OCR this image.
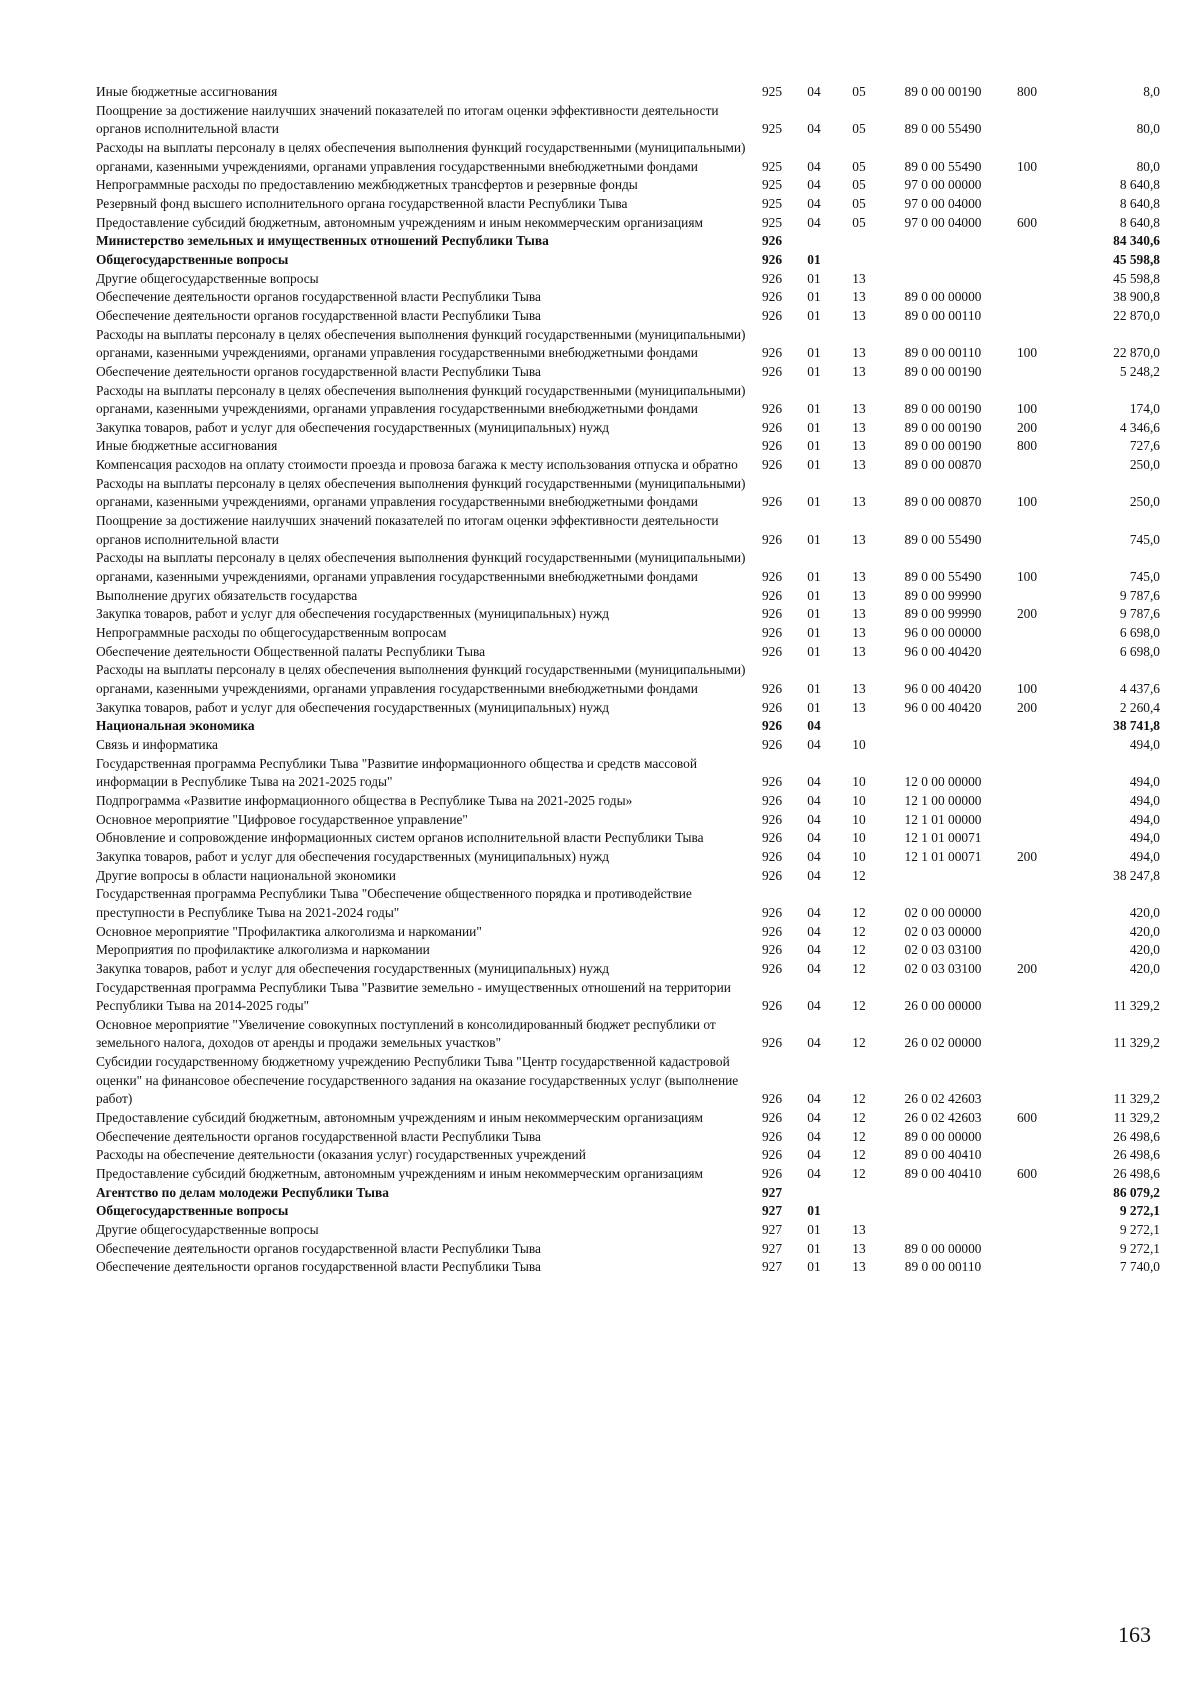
Иные бюджетные ассигнования	925	04	05	89 0 00 00190	800	8,0
Поощрение за достижение наилучших значений показателей по итогам оценки эффективности деятельности органов исполнительной власти	925	04	05	89 0 00 55490		80,0
Расходы на выплаты персоналу в целях обеспечения выполнения функций государственными (муниципальными) органами, казенными учреждениями, органами управления государственными внебюджетными фондами	925	04	05	89 0 00 55490	100	80,0
Непрограммные расходы по предоставлению межбюджетных трансфертов и резервные фонды	925	04	05	97 0 00 00000		8 640,8
Резервный фонд высшего исполнительного органа государственной власти Республики Тыва	925	04	05	97 0 00 04000		8 640,8
Предоставление субсидий бюджетным, автономным учреждениям и иным некоммерческим организациям	925	04	05	97 0 00 04000	600	8 640,8
Министерство земельных и имущественных отношений Республики Тыва	926					84 340,6
Общегосударственные вопросы	926	01				45 598,8
Другие общегосударственные вопросы	926	01	13			45 598,8
Обеспечение деятельности органов государственной власти Республики Тыва	926	01	13	89 0 00 00000		38 900,8
Обеспечение деятельности органов государственной власти Республики Тыва	926	01	13	89 0 00 00110		22 870,0
Расходы на выплаты персоналу в целях обеспечения выполнения функций государственными (муниципальными) органами, казенными учреждениями, органами управления государственными внебюджетными фондами	926	01	13	89 0 00 00110	100	22 870,0
Обеспечение деятельности органов государственной власти Республики Тыва	926	01	13	89 0 00 00190		5 248,2
Расходы на выплаты персоналу в целях обеспечения выполнения функций государственными (муниципальными) органами, казенными учреждениями, органами управления государственными внебюджетными фондами	926	01	13	89 0 00 00190	100	174,0
Закупка товаров, работ и услуг для обеспечения государственных (муниципальных) нужд	926	01	13	89 0 00 00190	200	4 346,6
Иные бюджетные ассигнования	926	01	13	89 0 00 00190	800	727,6
Компенсация расходов на оплату стоимости проезда и провоза багажа к месту использования отпуска и обратно	926	01	13	89 0 00 00870		250,0
Расходы на выплаты персоналу в целях обеспечения выполнения функций государственными (муниципальными) органами, казенными учреждениями, органами управления государственными внебюджетными фондами	926	01	13	89 0 00 00870	100	250,0
Поощрение за достижение наилучших значений показателей по итогам оценки эффективности деятельности органов исполнительной власти	926	01	13	89 0 00 55490		745,0
Расходы на выплаты персоналу в целях обеспечения выполнения функций государственными (муниципальными) органами, казенными учреждениями, органами управления государственными внебюджетными фондами	926	01	13	89 0 00 55490	100	745,0
Выполнение других обязательств государства	926	01	13	89 0 00 99990		9 787,6
Закупка товаров, работ и услуг для обеспечения государственных (муниципальных) нужд	926	01	13	89 0 00 99990	200	9 787,6
Непрограммные расходы по общегосударственным вопросам	926	01	13	96 0 00 00000		6 698,0
Обеспечение деятельности Общественной палаты Республики Тыва	926	01	13	96 0 00 40420		6 698,0
Расходы на выплаты персоналу в целях обеспечения выполнения функций государственными (муниципальными) органами, казенными учреждениями, органами управления государственными внебюджетными фондами	926	01	13	96 0 00 40420	100	4 437,6
Закупка товаров, работ и услуг для обеспечения государственных (муниципальных) нужд	926	01	13	96 0 00 40420	200	2 260,4
Национальная экономика	926	04				38 741,8
Связь и информатика	926	04	10			494,0
Государственная программа Республики Тыва "Развитие информационного общества и средств массовой информации в Республике Тыва на 2021-2025 годы"	926	04	10	12 0 00 00000		494,0
Подпрограмма «Развитие информационного общества в Республике Тыва на 2021-2025 годы»	926	04	10	12 1 00 00000		494,0
Основное мероприятие "Цифровое государственное управление"	926	04	10	12 1 01 00000		494,0
Обновление и сопровождение информационных систем органов исполнительной власти Республики Тыва	926	04	10	12 1 01 00071		494,0
Закупка товаров, работ и услуг для обеспечения государственных (муниципальных) нужд	926	04	10	12 1 01 00071	200	494,0
Другие вопросы в области национальной экономики	926	04	12			38 247,8
Государственная программа Республики Тыва "Обеспечение общественного порядка и противодействие преступности в Республике Тыва на 2021-2024 годы"	926	04	12	02 0 00 00000		420,0
Основное мероприятие "Профилактика алкоголизма и наркомании"	926	04	12	02 0 03 00000		420,0
Мероприятия по профилактике алкоголизма и наркомании	926	04	12	02 0 03 03100		420,0
Закупка товаров, работ и услуг для обеспечения государственных (муниципальных) нужд	926	04	12	02 0 03 03100	200	420,0
Государственная программа Республики Тыва "Развитие земельно - имущественных отношений на территории Республики Тыва на 2014-2025 годы"	926	04	12	26 0 00 00000		11 329,2
Основное мероприятие "Увеличение совокупных поступлений в консолидированный бюджет республики от земельного налога, доходов от аренды и продажи земельных участков"	926	04	12	26 0 02 00000		11 329,2
Субсидии государственному бюджетному учреждению Республики Тыва "Центр государственной кадастровой оценки" на финансовое обеспечение государственного задания на оказание государственных услуг (выполнение работ)	926	04	12	26 0 02 42603		11 329,2
Предоставление субсидий бюджетным, автономным учреждениям и иным некоммерческим организациям	926	04	12	26 0 02 42603	600	11 329,2
Обеспечение деятельности органов государственной власти Республики Тыва	926	04	12	89 0 00 00000		26 498,6
Расходы на обеспечение деятельности (оказания услуг) государственных учреждений	926	04	12	89 0 00 40410		26 498,6
Предоставление субсидий бюджетным, автономным учреждениям и иным некоммерческим организациям	926	04	12	89 0 00 40410	600	26 498,6
Агентство по делам молодежи Республики Тыва	927					86 079,2
Общегосударственные вопросы	927	01				9 272,1
Другие общегосударственные вопросы	927	01	13			9 272,1
Обеспечение деятельности органов государственной власти Республики Тыва	927	01	13	89 0 00 00000		9 272,1
Обеспечение деятельности органов государственной власти Республики Тыва	927	01	13	89 0 00 00110		7 740,0
163
